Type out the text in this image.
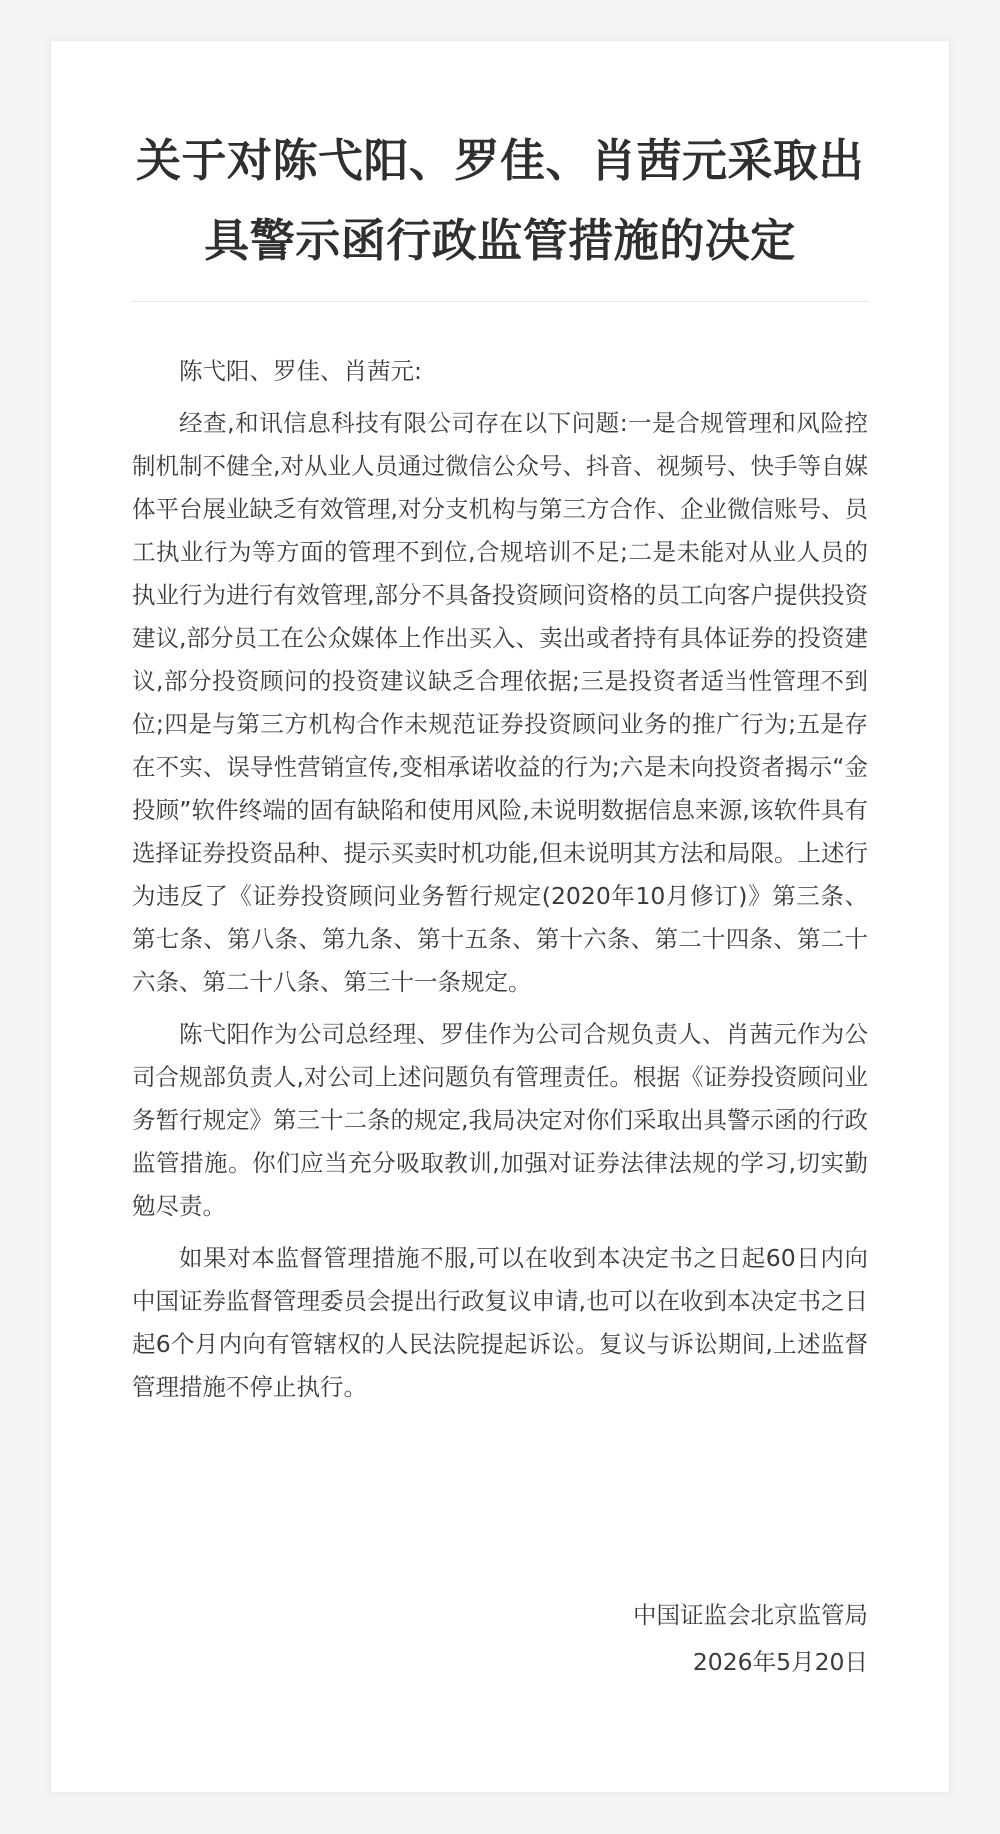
关于对陈弋阳、罗佳、肖茜元采取出
具警示函行政监管措施的决定

陈弋阳、罗佳、肖茜元:

经查,和讯信息科技有限公司存在以下问题:一是合规管理和风险控制机制不健全,对从业人员通过微信公众号、抖音、视频号、快手等自媒体平台展业缺乏有效管理,对分支机构与第三方合作、企业微信账号、员工执业行为等方面的管理不到位,合规培训不足;二是未能对从业人员的执业行为进行有效管理,部分不具备投资顾问资格的员工向客户提供投资建议,部分员工在公众媒体上作出买入、卖出或者持有具体证券的投资建议,部分投资顾问的投资建议缺乏合理依据;三是投资者适当性管理不到位;四是与第三方机构合作未规范证券投资顾问业务的推广行为;五是存在不实、误导性营销宣传,变相承诺收益的行为;六是未向投资者揭示“金投顾”软件终端的固有缺陷和使用风险,未说明数据信息来源,该软件具有选择证券投资品种、提示买卖时机功能,但未说明其方法和局限。上述行为违反了《证券投资顾问业务暂行规定(2020年10月修订)》第三条、第七条、第八条、第九条、第十五条、第十六条、第二十四条、第二十六条、第二十八条、第三十一条规定。

陈弋阳作为公司总经理、罗佳作为公司合规负责人、肖茜元作为公司合规部负责人,对公司上述问题负有管理责任。根据《证券投资顾问业务暂行规定》第三十二条的规定,我局决定对你们采取出具警示函的行政监管措施。你们应当充分吸取教训,加强对证券法律法规的学习,切实勤勉尽责。

如果对本监督管理措施不服,可以在收到本决定书之日起60日内向中国证券监督管理委员会提出行政复议申请,也可以在收到本决定书之日起6个月内向有管辖权的人民法院提起诉讼。复议与诉讼期间,上述监督管理措施不停止执行。

中国证监会北京监管局
2026年5月20日
